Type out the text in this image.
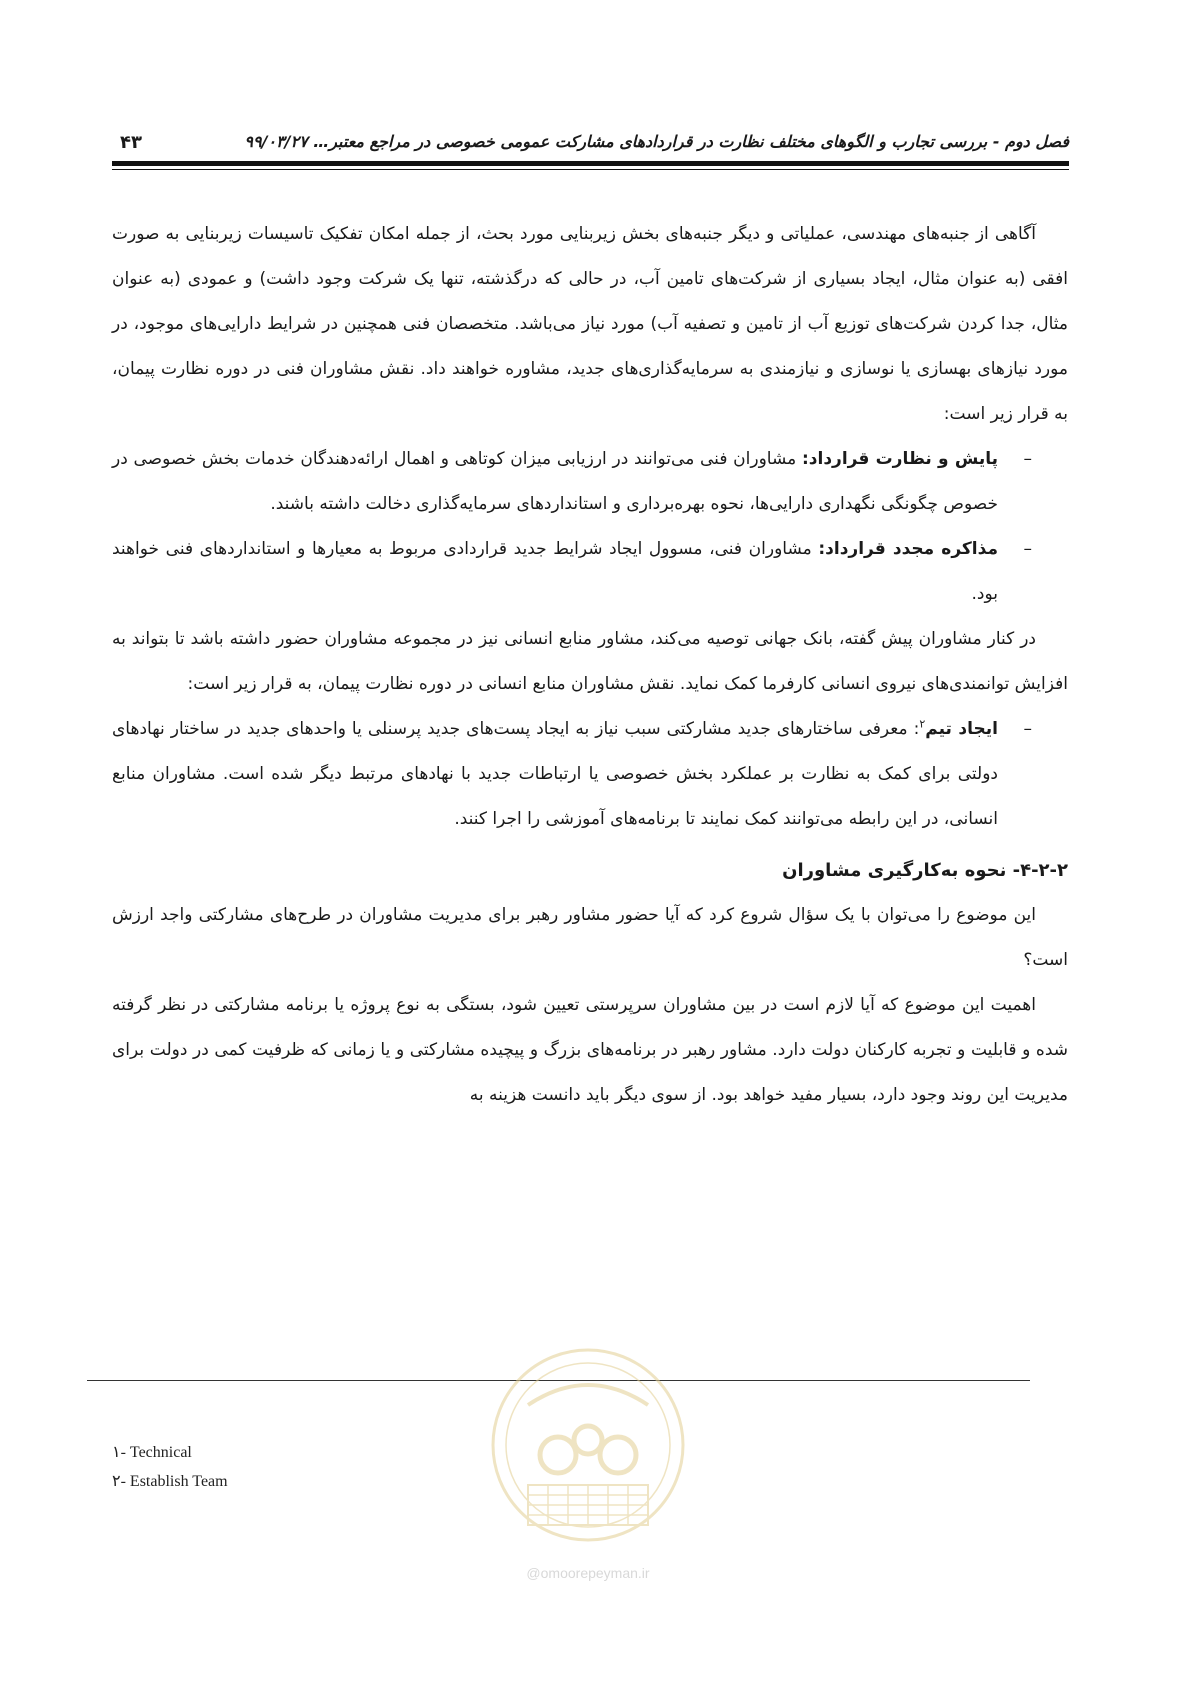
فصل دوم - بررسی تجارب و الگوهای مختلف نظارت در قراردادهای مشارکت عمومی خصوصی در مراجع معتبر… ۹۹/۰۳/۲۷
۴۳

آگاهی از جنبه‌های مهندسی، عملیاتی و دیگر جنبه‌های بخش زیربنایی مورد بحث، از جمله امکان تفکیک تاسیسات زیربنایی به صورت افقی (به عنوان مثال، ایجاد بسیاری از شرکت‌های تامین آب، در حالی که درگذشته، تنها یک شرکت وجود داشت) و عمودی (به عنوان مثال، جدا کردن شرکت‌های توزیع آب از تامین و تصفیه آب) مورد نیاز می‌باشد. متخصصان فنی همچنین در شرایط دارایی‌های موجود، در مورد نیازهای بهسازی یا نوسازی و نیازمندی به سرمایه‌گذاری‌های جدید، مشاوره خواهند داد. نقش مشاوران فنی در دوره نظارت پیمان، به قرار زیر است:

–
پایش و نظارت قرارداد: مشاوران فنی می‌توانند در ارزیابی میزان کوتاهی و اهمال ارائه‌دهندگان خدمات بخش خصوصی در خصوص چگونگی نگهداری دارایی‌ها، نحوه بهره‌برداری و استانداردهای سرمایه‌گذاری دخالت داشته باشند.

–
مذاکره مجدد قرارداد: مشاوران فنی، مسوول ایجاد شرایط جدید قراردادی مربوط به معیارها و استانداردهای فنی خواهند بود.

در کنار مشاوران پیش گفته، بانک جهانی توصیه می‌کند، مشاور منابع انسانی نیز در مجموعه مشاوران حضور داشته باشد تا بتواند به افزایش توانمندی‌های نیروی انسانی کارفرما کمک نماید. نقش مشاوران منابع انسانی در دوره نظارت پیمان، به قرار زیر است:

–
ایجاد تیم$^۲$: معرفی ساختارهای جدید مشارکتی سبب نیاز به ایجاد پست‌های جدید پرسنلی یا واحدهای جدید در ساختار نهادهای دولتی برای کمک به نظارت بر عملکرد بخش خصوصی یا ارتباطات جدید با نهادهای مرتبط دیگر شده است. مشاوران منابع انسانی، در این رابطه می‌توانند کمک نمایند تا برنامه‌های آموزشی را اجرا کنند.

۴-۲-۲- نحوه به‌کارگیری مشاوران

این موضوع را می‌توان با یک سؤال شروع کرد که آیا حضور مشاور رهبر برای مدیریت مشاوران در طرح‌های مشارکتی واجد ارزش است؟

اهمیت این موضوع که آیا لازم است در بین مشاوران سرپرستی تعیین شود، بستگی به نوع پروژه یا برنامه مشارکتی در نظر گرفته شده و قابلیت و تجربه کارکنان دولت دارد. مشاور رهبر در برنامه‌های بزرگ و پیچیده مشارکتی و یا زمانی که ظرفیت کمی در دولت برای مدیریت این روند وجود دارد، بسیار مفید خواهد بود. از سوی دیگر باید دانست هزینه به

@omoorepeyman.ir
۱- Technical
۲- Establish Team
